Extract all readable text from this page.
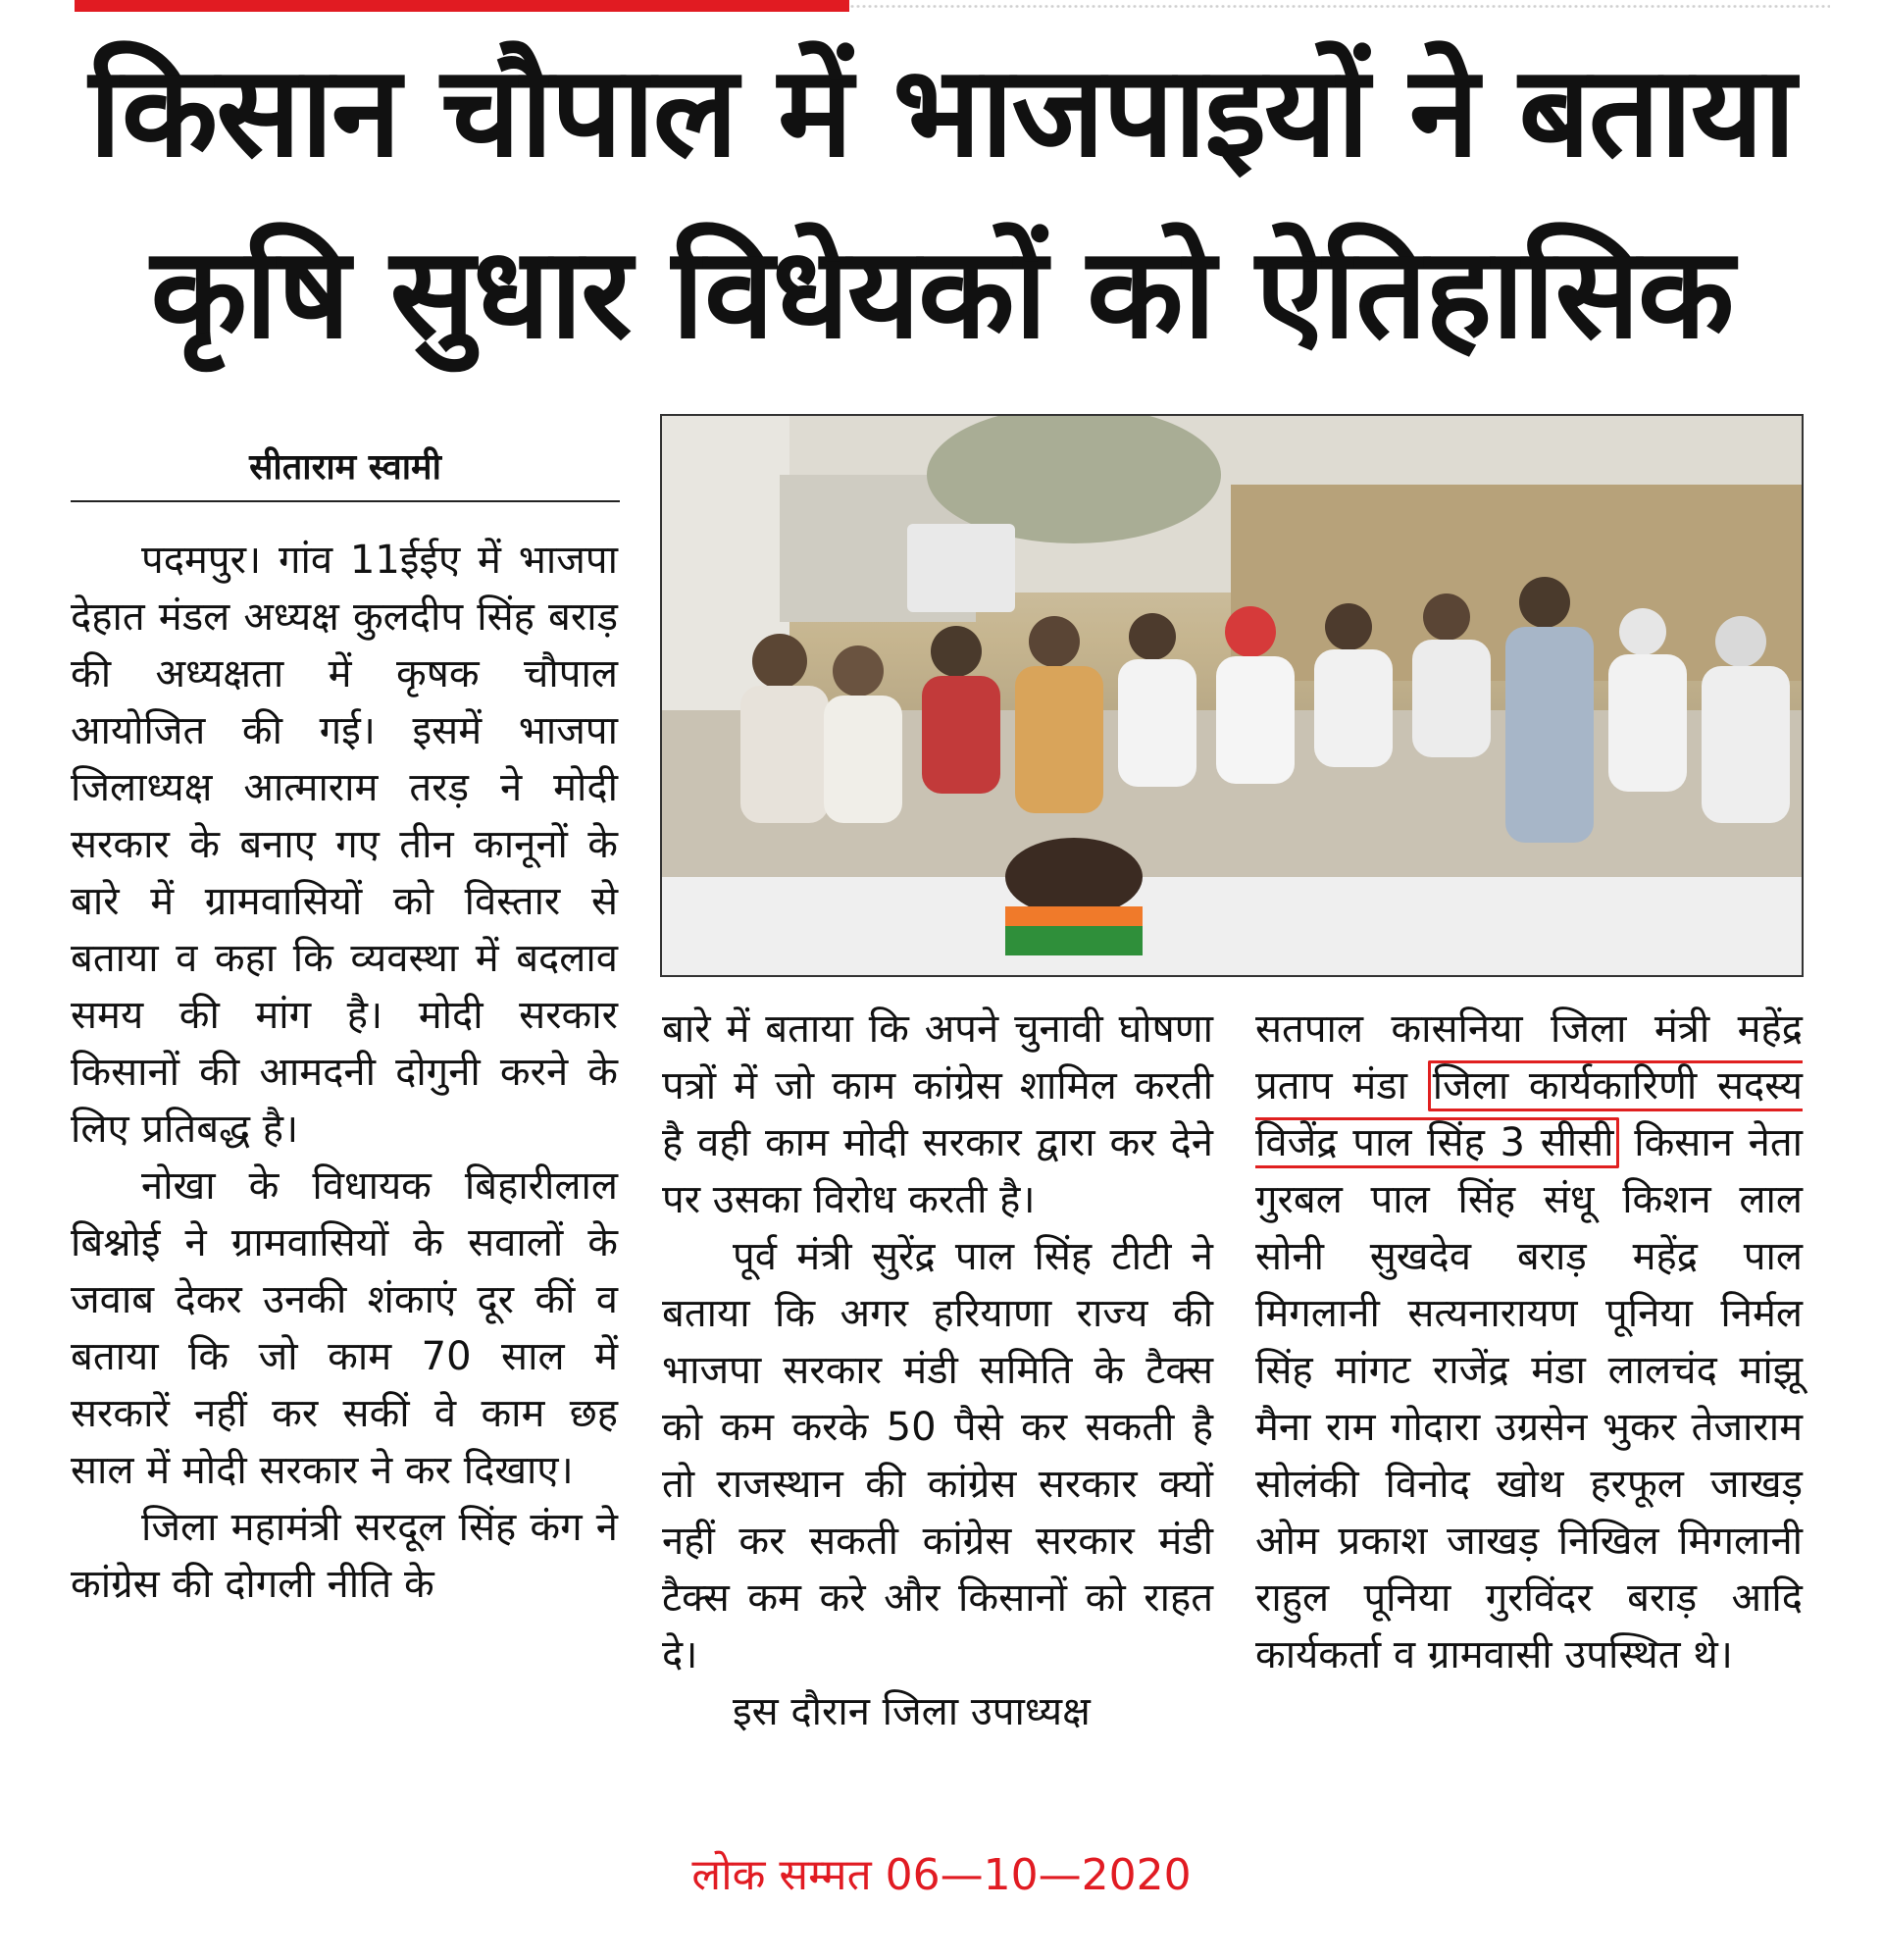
किसान चौपाल में भाजपाइयों ने बताया
कृषि सुधार विधेयकों को ऐतिहासिक
सीताराम स्वामी

पदमपुर। गांव 11ईईए में भाजपा देहात मंडल अध्यक्ष कुलदीप सिंह बराड़ की अध्यक्षता में कृषक चौपाल आयोजित की गई। इसमें भाजपा जिलाध्यक्ष आत्माराम तरड़ ने मोदी सरकार के बनाए गए तीन कानूनों के बारे में ग्रामवासियों को विस्तार से बताया व कहा कि व्यवस्था में बदलाव समय की मांग है। मोदी सरकार किसानों की आमदनी दोगुनी करने के लिए प्रतिबद्ध है।

नोखा के विधायक बिहारीलाल बिश्नोई ने ग्रामवासियों के सवालों के जवाब देकर उनकी शंकाएं दूर कीं व बताया कि जो काम 70 साल में सरकारें नहीं कर सकीं वे काम छह साल में मोदी सरकार ने कर दिखाए।

जिला महामंत्री सरदूल सिंह कंग ने कांग्रेस की दोगली नीति के

बारे में बताया कि अपने चुनावी घोषणा पत्रों में जो काम कांग्रेस शामिल करती है वही काम मोदी सरकार द्वारा कर देने पर उसका विरोध करती है।

पूर्व मंत्री सुरेंद्र पाल सिंह टीटी ने बताया कि अगर हरियाणा राज्य की भाजपा सरकार मंडी समिति के टैक्स को कम करके 50 पैसे कर सकती है तो राजस्थान की कांग्रेस सरकार क्यों नहीं कर सकती कांग्रेस सरकार मंडी टैक्स कम करे और किसानों को राहत दे।

इस दौरान जिला उपाध्यक्ष

सतपाल कासनिया जिला मंत्री महेंद्र प्रताप मंडा जिला कार्यकारिणी सदस्य विजेंद्र पाल सिंह 3 सीसी किसान नेता गुरबल पाल सिंह संधू किशन लाल सोनी सुखदेव बराड़ महेंद्र पाल मिगलानी सत्यनारायण पूनिया निर्मल सिंह मांगट राजेंद्र मंडा लालचंद मांझू मैना राम गोदारा उग्रसेन भुकर तेजाराम सोलंकी विनोद खोथ हरफूल जाखड़ ओम प्रकाश जाखड़ निखिल मिगलानी राहुल पूनिया गुरविंदर बराड़ आदि कार्यकर्ता व ग्रामवासी उपस्थित थे।

लोक सम्मत 06—10—2020
